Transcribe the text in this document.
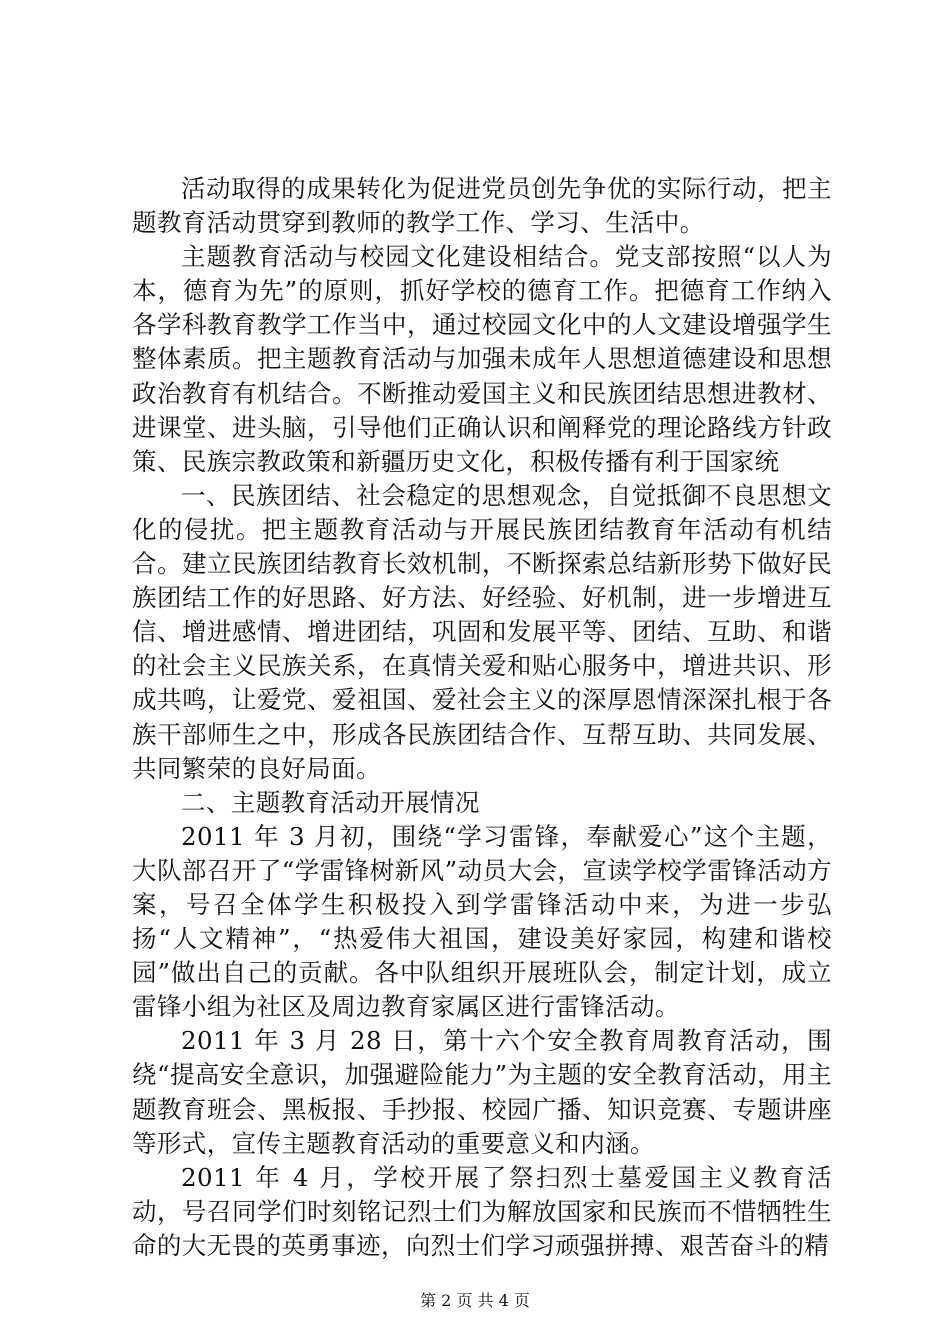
活动取得的成果转化为促进党员创先争优的实际行动，把主题教育活动贯穿到教师的教学工作、学习、生活中。

主题教育活动与校园文化建设相结合。党支部按照“以人为本，德育为先”的原则，抓好学校的德育工作。把德育工作纳入各学科教育教学工作当中，通过校园文化中的人文建设增强学生整体素质。把主题教育活动与加强未成年人思想道德建设和思想政治教育有机结合。不断推动爱国主义和民族团结思想进教材、进课堂、进头脑，引导他们正确认识和阐释党的理论路线方针政策、民族宗教政策和新疆历史文化，积极传播有利于国家统

一、民族团结、社会稳定的思想观念，自觉抵御不良思想文化的侵扰。把主题教育活动与开展民族团结教育年活动有机结合。建立民族团结教育长效机制，不断探索总结新形势下做好民族团结工作的好思路、好方法、好经验、好机制，进一步增进互信、增进感情、增进团结，巩固和发展平等、团结、互助、和谐的社会主义民族关系，在真情关爱和贴心服务中，增进共识、形成共鸣，让爱党、爱祖国、爱社会主义的深厚恩情深深扎根于各族干部师生之中，形成各民族团结合作、互帮互助、共同发展、共同繁荣的良好局面。

二、主题教育活动开展情况

2011 年 3 月初，围绕“学习雷锋，奉献爱心”这个主题，大队部召开了“学雷锋树新风”动员大会，宣读学校学雷锋活动方案，号召全体学生积极投入到学雷锋活动中来，为进一步弘扬“人文精神”，“热爱伟大祖国，建设美好家园，构建和谐校园”做出自己的贡献。各中队组织开展班队会，制定计划，成立雷锋小组为社区及周边教育家属区进行雷锋活动。

2011 年 3 月 28 日，第十六个安全教育周教育活动，围绕“提高安全意识，加强避险能力”为主题的安全教育活动，用主题教育班会、黑板报、手抄报、校园广播、知识竞赛、专题讲座等形式，宣传主题教育活动的重要意义和内涵。

2011 年 4 月，学校开展了祭扫烈士墓爱国主义教育活动，号召同学们时刻铭记烈士们为解放国家和民族而不惜牺牲生命的大无畏的英勇事迹，向烈士们学习顽强拼搏、艰苦奋斗的精

第 2 页 共 4 页
